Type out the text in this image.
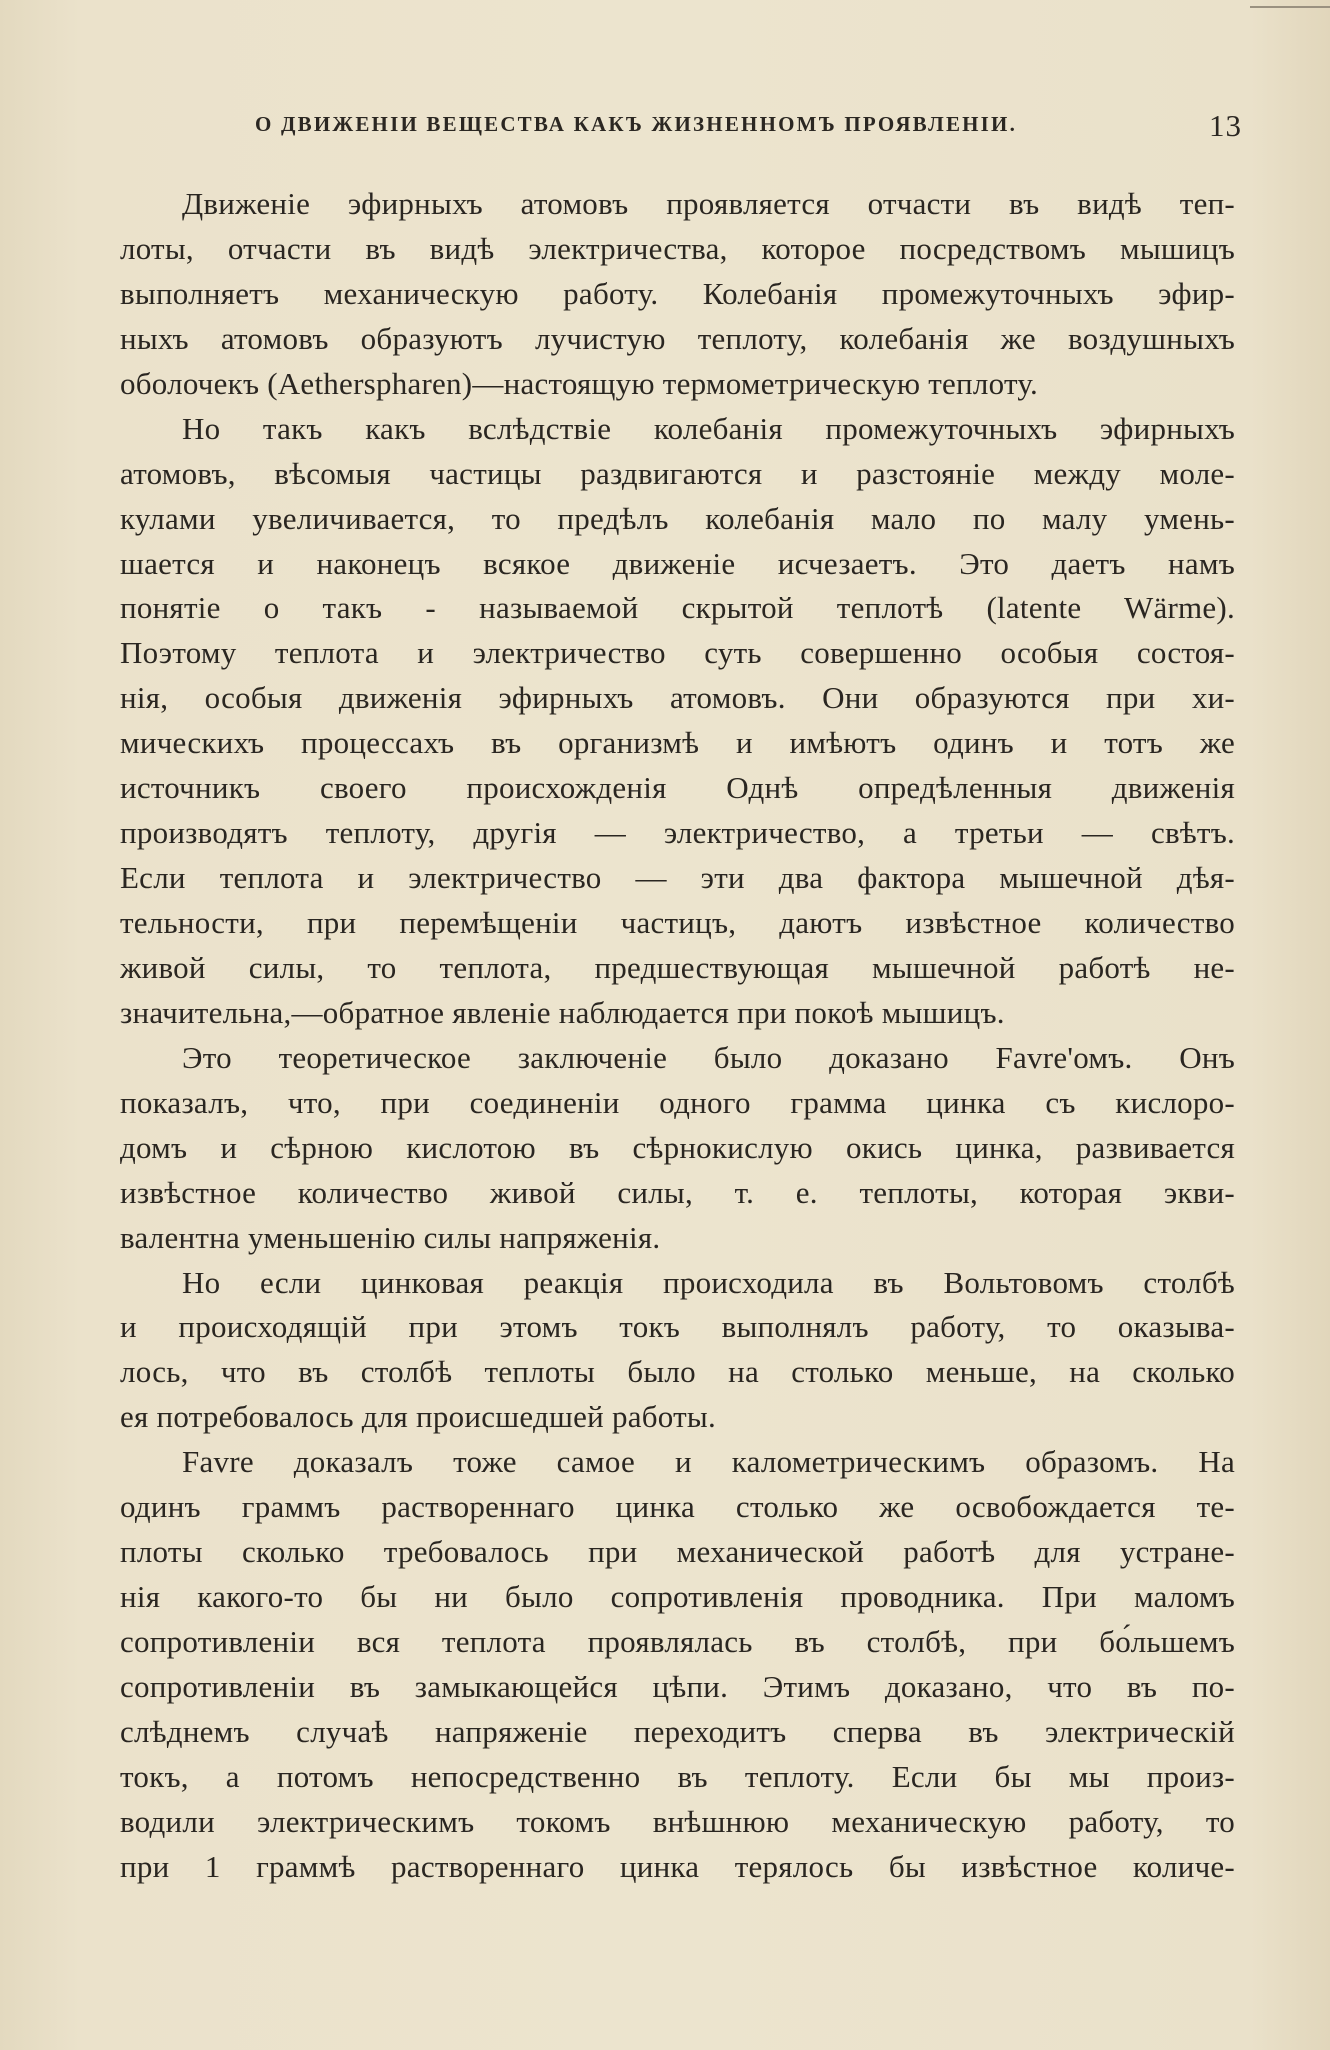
О ДВИЖЕНІИ ВЕЩЕСТВА КАКЪ ЖИЗНЕННОМЪ ПРОЯВЛЕНІИ.	13
Движеніе эфирныхъ атомовъ проявляется отчасти въ видѣ теп-
лоты, отчасти въ видѣ электричества, которое посредствомъ мышицъ
выполняетъ механическую работу. Колебанія промежуточныхъ эфир-
ныхъ атомовъ образуютъ лучистую теплоту, колебанія же воздушныхъ
оболочекъ (Aetherspharen)—настоящую термометрическую теплоту.
Но такъ какъ вслѣдствіе колебанія промежуточныхъ эфирныхъ
атомовъ, вѣсомыя частицы раздвигаются и разстояніе между моле-
кулами увеличивается, то предѣлъ колебанія мало по малу умень-
шается и наконецъ всякое движеніе исчезаетъ. Это даетъ намъ
понятіе о такъ - называемой скрытой теплотѣ (latente Wärme).
Поэтому теплота и электричество суть совершенно особыя состоя-
нія, особыя движенія эфирныхъ атомовъ. Они образуются при хи-
мическихъ процессахъ въ организмѣ и имѣютъ одинъ и тотъ же
источникъ своего происхожденія Однѣ опредѣленныя движенія
производятъ теплоту, другія — электричество, а третьи — свѣтъ.
Если теплота и электричество — эти два фактора мышечной дѣя-
тельности, при перемѣщеніи частицъ, даютъ извѣстное количество
живой силы, то теплота, предшествующая мышечной работѣ не-
значительна,—обратное явленіе наблюдается при покоѣ мышицъ.
Это теоретическое заключеніе было доказано Favre'омъ. Онъ
показалъ, что, при соединеніи одного грамма цинка съ кислоро-
домъ и сѣрною кислотою въ сѣрнокислую окись цинка, развивается
извѣстное количество живой силы, т. е. теплоты, которая экви-
валентна уменьшенію силы напряженія.
Но если цинковая реакція происходила въ Вольтовомъ столбѣ
и происходящій при этомъ токъ выполнялъ работу, то оказыва-
лось, что въ столбѣ теплоты было на столько меньше, на сколько
ея потребовалось для происшедшей работы.
Favre доказалъ тоже самое и калометрическимъ образомъ. На
одинъ граммъ раствореннаго цинка столько же освобождается те-
плоты сколько требовалось при механической работѣ для устране-
нія какого-то бы ни было сопротивленія проводника. При маломъ
сопротивленіи вся теплота проявлялась въ столбѣ, при бо́льшемъ
сопротивленіи въ замыкающейся цѣпи. Этимъ доказано, что въ по-
слѣднемъ случаѣ напряженіе переходитъ сперва въ электрическій
токъ, а потомъ непосредственно въ теплоту. Если бы мы произ-
водили электрическимъ токомъ внѣшнюю механическую работу, то
при 1 граммѣ раствореннаго цинка терялось бы извѣстное количе-
